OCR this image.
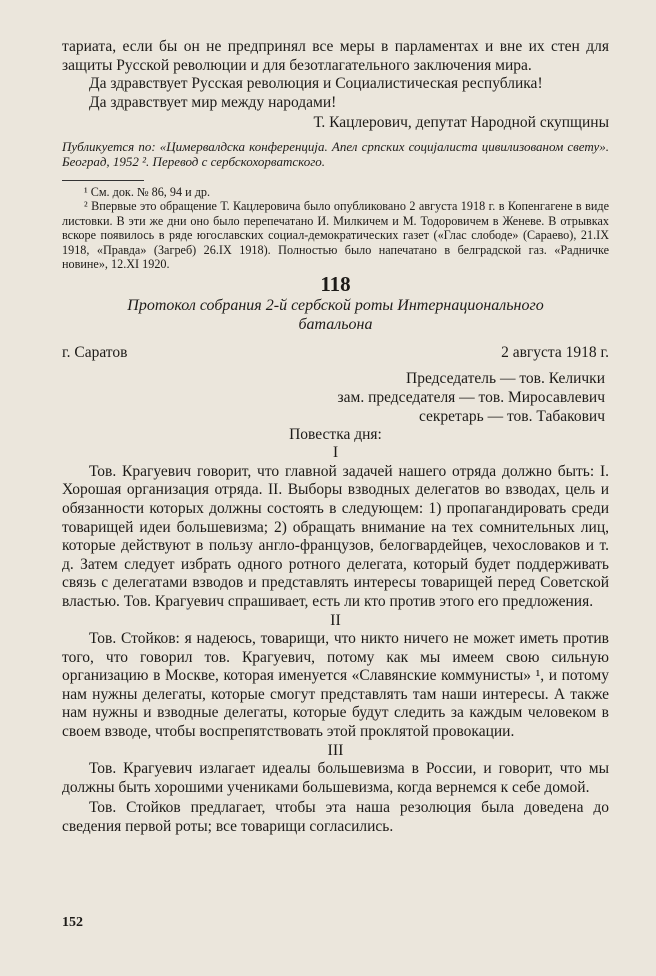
тариата, если бы он не предпринял все меры в парламентах и вне их стен для защиты Русской революции и для безотлагательного заключения мира.

Да здравствует Русская революция и Социалистическая республика!

Да здравствует мир между народами!

Т. Кацлерович, депутат Народной скупщины

Публикуется по: «Цимервалдска конференција. Апел српских социјалиста цивилизованом свету». Београд, 1952 ². Перевод с сербскохорватского.

¹ См. док. № 86, 94 и др.

² Впервые это обращение Т. Кацлеровича было опубликовано 2 августа 1918 г. в Копенгагене в виде листовки. В эти же дни оно было перепечатано И. Милкичем и М. Тодоровичем в Женеве. В отрывках вскоре появилось в ряде югославских социал-демократических газет («Глас слободе» (Сараево), 21.IX 1918, «Правда» (Загреб) 26.IX 1918). Полностью было напечатано в белградской газ. «Радничке новине», 12.XI 1920.

118

Протокол собрания 2-й сербской роты Интернационального батальона

г. Саратов	2 августа 1918 г.
Председатель — тов. Келички
зам. председателя — тов. Миросавлевич
секретарь — тов. Табакович

Повестка дня:

I

Тов. Крагуевич говорит, что главной задачей нашего отряда должно быть: I. Хорошая организация отряда. II. Выборы взводных делегатов во взводах, цель и обязанности которых должны состоять в следующем: 1) пропагандировать среди товарищей идеи большевизма; 2) обращать внимание на тех сомнительных лиц, которые действуют в пользу англо-французов, белогвардейцев, чехословаков и т. д. Затем следует избрать одного ротного делегата, который будет поддерживать связь с делегатами взводов и представлять интересы товарищей перед Советской властью. Тов. Крагуевич спрашивает, есть ли кто против этого его предложения.

II

Тов. Стойков: я надеюсь, товарищи, что никто ничего не может иметь против того, что говорил тов. Крагуевич, потому как мы имеем свою сильную организацию в Москве, которая именуется «Славянские коммунисты» ¹, и потому нам нужны делегаты, которые смогут представлять там наши интересы. А также нам нужны и взводные делегаты, которые будут следить за каждым человеком в своем взводе, чтобы воспрепятствовать этой проклятой провокации.

III

Тов. Крагуевич излагает идеалы большевизма в России, и говорит, что мы должны быть хорошими учениками большевизма, когда вернемся к себе домой.

Тов. Стойков предлагает, чтобы эта наша резолюция была доведена до сведения первой роты; все товарищи согласились.

152
